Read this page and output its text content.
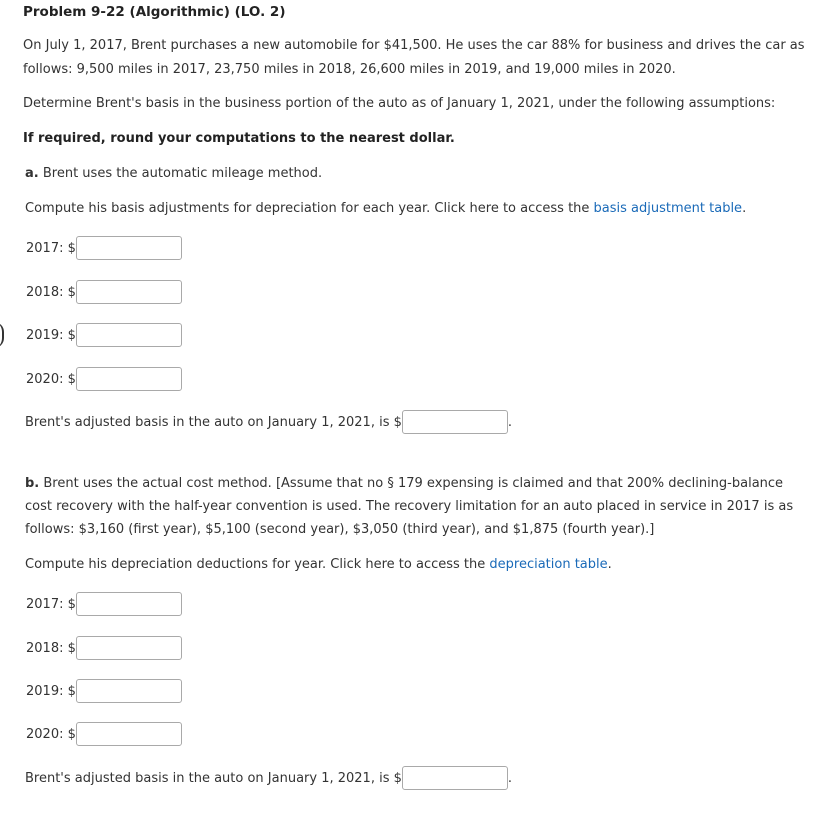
Problem 9-22 (Algorithmic) (LO. 2)
On July 1, 2017, Brent purchases a new automobile for $41,500. He uses the car 88% for business and drives the car as
follows: 9,500 miles in 2017, 23,750 miles in 2018, 26,600 miles in 2019, and 19,000 miles in 2020.
Determine Brent's basis in the business portion of the auto as of January 1, 2021, under the following assumptions:
If required, round your computations to the nearest dollar.
a. Brent uses the automatic mileage method.
Compute his basis adjustments for depreciation for each year. Click here to access the basis adjustment table.
2017: $
2018: $
2019: $
2020: $
Brent's adjusted basis in the auto on January 1, 2021, is $	.
b. Brent uses the actual cost method. [Assume that no § 179 expensing is claimed and that 200% declining-balance
cost recovery with the half-year convention is used. The recovery limitation for an auto placed in service in 2017 is as
follows: $3,160 (first year), $5,100 (second year), $3,050 (third year), and $1,875 (fourth year).]
Compute his depreciation deductions for year. Click here to access the depreciation table.
2017: $
2018: $
2019: $
2020: $
Brent's adjusted basis in the auto on January 1, 2021, is $	.
